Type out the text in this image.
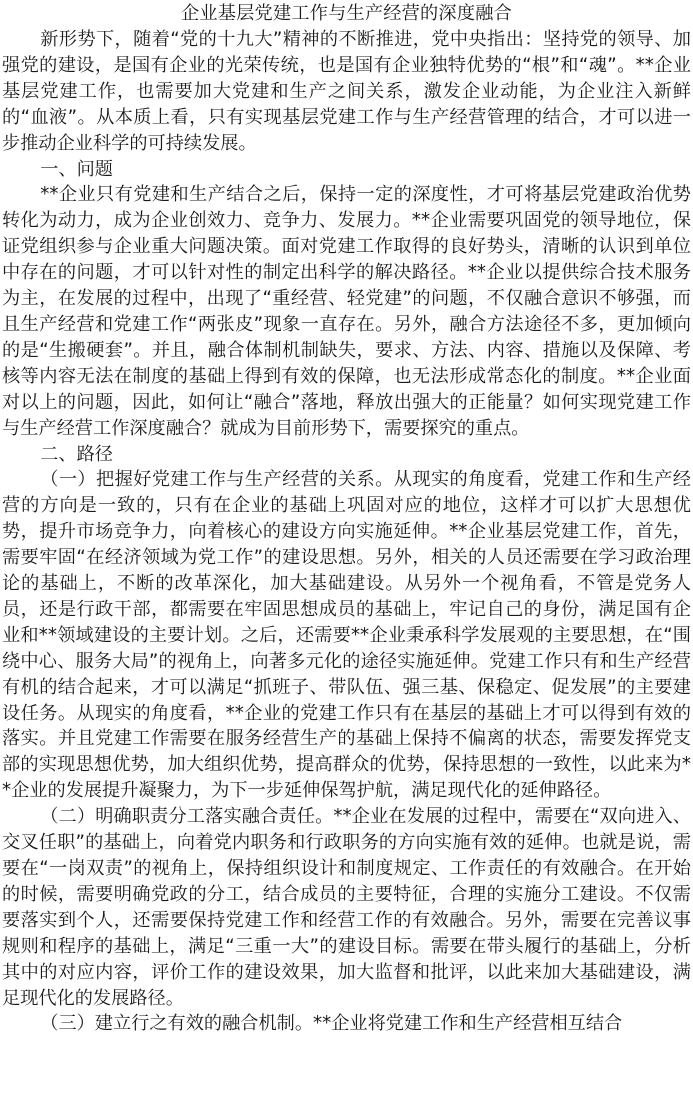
企业基层党建工作与生产经营的深度融合

新形势下，随着“党的十九大”精神的不断推进，党中央指出：坚持党的领导、加强党的建设，是国有企业的光荣传统，也是国有企业独特优势的“根”和“魂”。**企业基层党建工作，也需要加大党建和生产之间关系，激发企业动能，为企业注入新鲜的“血液”。从本质上看，只有实现基层党建工作与生产经营管理的结合，才可以进一步推动企业科学的可持续发展。

一、问题

**企业只有党建和生产结合之后，保持一定的深度性，才可将基层党建政治优势转化为动力，成为企业创效力、竞争力、发展力。**企业需要巩固党的领导地位，保证党组织参与企业重大问题决策。面对党建工作取得的良好势头，清晰的认识到单位中存在的问题，才可以针对性的制定出科学的解决路径。**企业以提供综合技术服务为主，在发展的过程中，出现了“重经营、轻党建”的问题，不仅融合意识不够强，而且生产经营和党建工作“两张皮”现象一直存在。另外，融合方法途径不多，更加倾向的是“生搬硬套”。并且，融合体制机制缺失，要求、方法、内容、措施以及保障、考核等内容无法在制度的基础上得到有效的保障，也无法形成常态化的制度。**企业面对以上的问题，因此，如何让“融合”落地，释放出强大的正能量？如何实现党建工作与生产经营工作深度融合？就成为目前形势下，需要探究的重点。

二、路径

（一）把握好党建工作与生产经营的关系。从现实的角度看，党建工作和生产经营的方向是一致的，只有在企业的基础上巩固对应的地位，这样才可以扩大思想优势，提升市场竞争力，向着核心的建设方向实施延伸。**企业基层党建工作，首先，需要牢固“在经济领域为党工作”的建设思想。另外，相关的人员还需要在学习政治理论的基础上，不断的改革深化，加大基础建设。从另外一个视角看，不管是党务人员，还是行政干部，都需要在牢固思想成员的基础上，牢记自己的身份，满足国有企业和**领域建设的主要计划。之后，还需要**企业秉承科学发展观的主要思想，在“围绕中心、服务大局”的视角上，向著多元化的途径实施延伸。党建工作只有和生产经营有机的结合起来，才可以满足“抓班子、带队伍、强三基、保稳定、促发展”的主要建设任务。从现实的角度看，**企业的党建工作只有在基层的基础上才可以得到有效的落实。并且党建工作需要在服务经营生产的基础上保持不偏离的状态，需要发挥党支部的实现思想优势，加大组织优势，提高群众的优势，保持思想的一致性，以此来为**企业的发展提升凝聚力，为下一步延伸保驾护航，满足现代化的延伸路径。

（二）明确职责分工落实融合责任。**企业在发展的过程中，需要在“双向进入、交叉任职”的基础上，向着党内职务和行政职务的方向实施有效的延伸。也就是说，需要在“一岗双责”的视角上，保持组织设计和制度规定、工作责任的有效融合。在开始的时候，需要明确党政的分工，结合成员的主要特征，合理的实施分工建设。不仅需要落实到个人，还需要保持党建工作和经营工作的有效融合。另外，需要在完善议事规则和程序的基础上，满足“三重一大”的建设目标。需要在带头履行的基础上，分析其中的对应内容，评价工作的建设效果，加大监督和批评，以此来加大基础建设，满足现代化的发展路径。

（三）建立行之有效的融合机制。**企业将党建工作和生产经营相互结合
